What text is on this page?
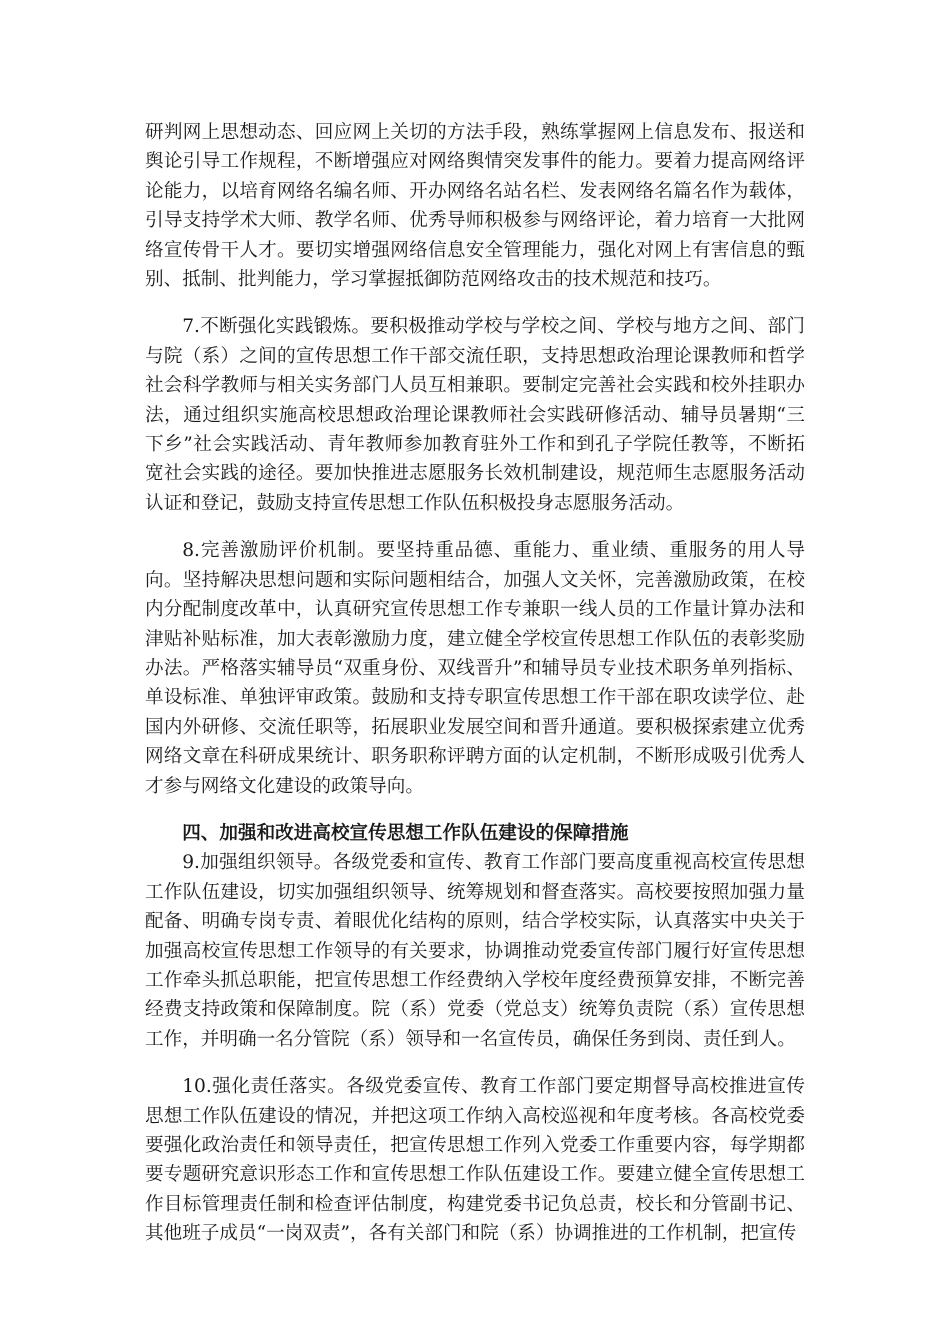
研判网上思想动态、回应网上关切的方法手段，熟练掌握网上信息发布、报送和舆论引导工作规程，不断增强应对网络舆情突发事件的能力。要着力提高网络评论能力，以培育网络名编名师、开办网络名站名栏、发表网络名篇名作为载体，引导支持学术大师、教学名师、优秀导师积极参与网络评论，着力培育一大批网络宣传骨干人才。要切实增强网络信息安全管理能力，强化对网上有害信息的甄别、抵制、批判能力，学习掌握抵御防范网络攻击的技术规范和技巧。

7.不断强化实践锻炼。要积极推动学校与学校之间、学校与地方之间、部门与院（系）之间的宣传思想工作干部交流任职，支持思想政治理论课教师和哲学社会科学教师与相关实务部门人员互相兼职。要制定完善社会实践和校外挂职办法，通过组织实施高校思想政治理论课教师社会实践研修活动、辅导员暑期“三下乡”社会实践活动、青年教师参加教育驻外工作和到孔子学院任教等，不断拓宽社会实践的途径。要加快推进志愿服务长效机制建设，规范师生志愿服务活动认证和登记，鼓励支持宣传思想工作队伍积极投身志愿服务活动。

8.完善激励评价机制。要坚持重品德、重能力、重业绩、重服务的用人导向。坚持解决思想问题和实际问题相结合，加强人文关怀，完善激励政策，在校内分配制度改革中，认真研究宣传思想工作专兼职一线人员的工作量计算办法和津贴补贴标准，加大表彰激励力度，建立健全学校宣传思想工作队伍的表彰奖励办法。严格落实辅导员“双重身份、双线晋升”和辅导员专业技术职务单列指标、单设标准、单独评审政策。鼓励和支持专职宣传思想工作干部在职攻读学位、赴国内外研修、交流任职等，拓展职业发展空间和晋升通道。要积极探索建立优秀网络文章在科研成果统计、职务职称评聘方面的认定机制，不断形成吸引优秀人才参与网络文化建设的政策导向。

四、加强和改进高校宣传思想工作队伍建设的保障措施

9.加强组织领导。各级党委和宣传、教育工作部门要高度重视高校宣传思想工作队伍建设，切实加强组织领导、统筹规划和督查落实。高校要按照加强力量配备、明确专岗专责、着眼优化结构的原则，结合学校实际，认真落实中央关于加强高校宣传思想工作领导的有关要求，协调推动党委宣传部门履行好宣传思想工作牵头抓总职能，把宣传思想工作经费纳入学校年度经费预算安排，不断完善经费支持政策和保障制度。院（系）党委（党总支）统筹负责院（系）宣传思想工作，并明确一名分管院（系）领导和一名宣传员，确保任务到岗、责任到人。

10.强化责任落实。各级党委宣传、教育工作部门要定期督导高校推进宣传思想工作队伍建设的情况，并把这项工作纳入高校巡视和年度考核。各高校党委要强化政治责任和领导责任，把宣传思想工作列入党委工作重要内容，每学期都要专题研究意识形态工作和宣传思想工作队伍建设工作。要建立健全宣传思想工作目标管理责任制和检查评估制度，构建党委书记负总责，校长和分管副书记、其他班子成员“一岗双责”，各有关部门和院（系）协调推进的工作机制，把宣传
